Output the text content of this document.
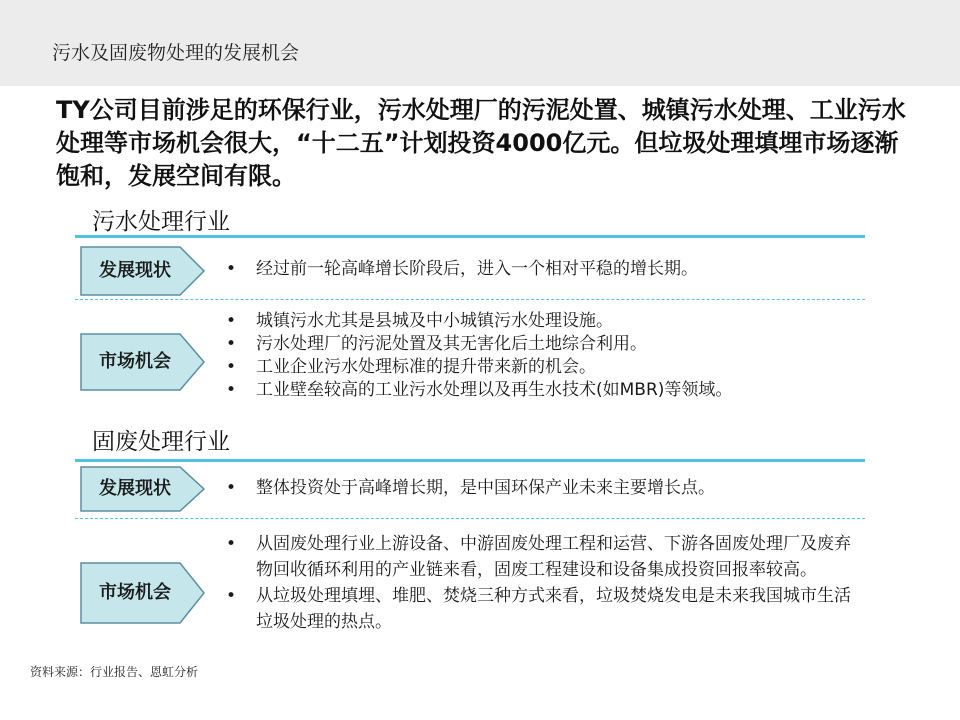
污水及固废物处理的发展机会

TY公司目前涉足的环保行业，污水处理厂的污泥处置、城镇污水处理、工业污水处理等市场机会很大，“十二五”计划投资4000亿元。但垃圾处理填埋市场逐渐饱和，发展空间有限。

污水处理行业
发展现状	• 经过前一轮高峰增长阶段后，进入一个相对平稳的增长期。
市场机会
• 城镇污水尤其是县城及中小城镇污水处理设施。
• 污水处理厂的污泥处置及其无害化后土地综合利用。
• 工业企业污水处理标准的提升带来新的机会。
• 工业壁垒较高的工业污水处理以及再生水技术(如MBR)等领域。
固废处理行业
发展现状	• 整体投资处于高峰增长期，是中国环保产业未来主要增长点。
市场机会
• 从固废处理行业上游设备、中游固废处理工程和运营、下游各固废处理厂及废弃物回收循环利用的产业链来看，固废工程建设和设备集成投资回报率较高。
• 从垃圾处理填埋、堆肥、焚烧三种方式来看，垃圾焚烧发电是未来我国城市生活垃圾处理的热点。
资料来源：行业报告、恩虹分析
